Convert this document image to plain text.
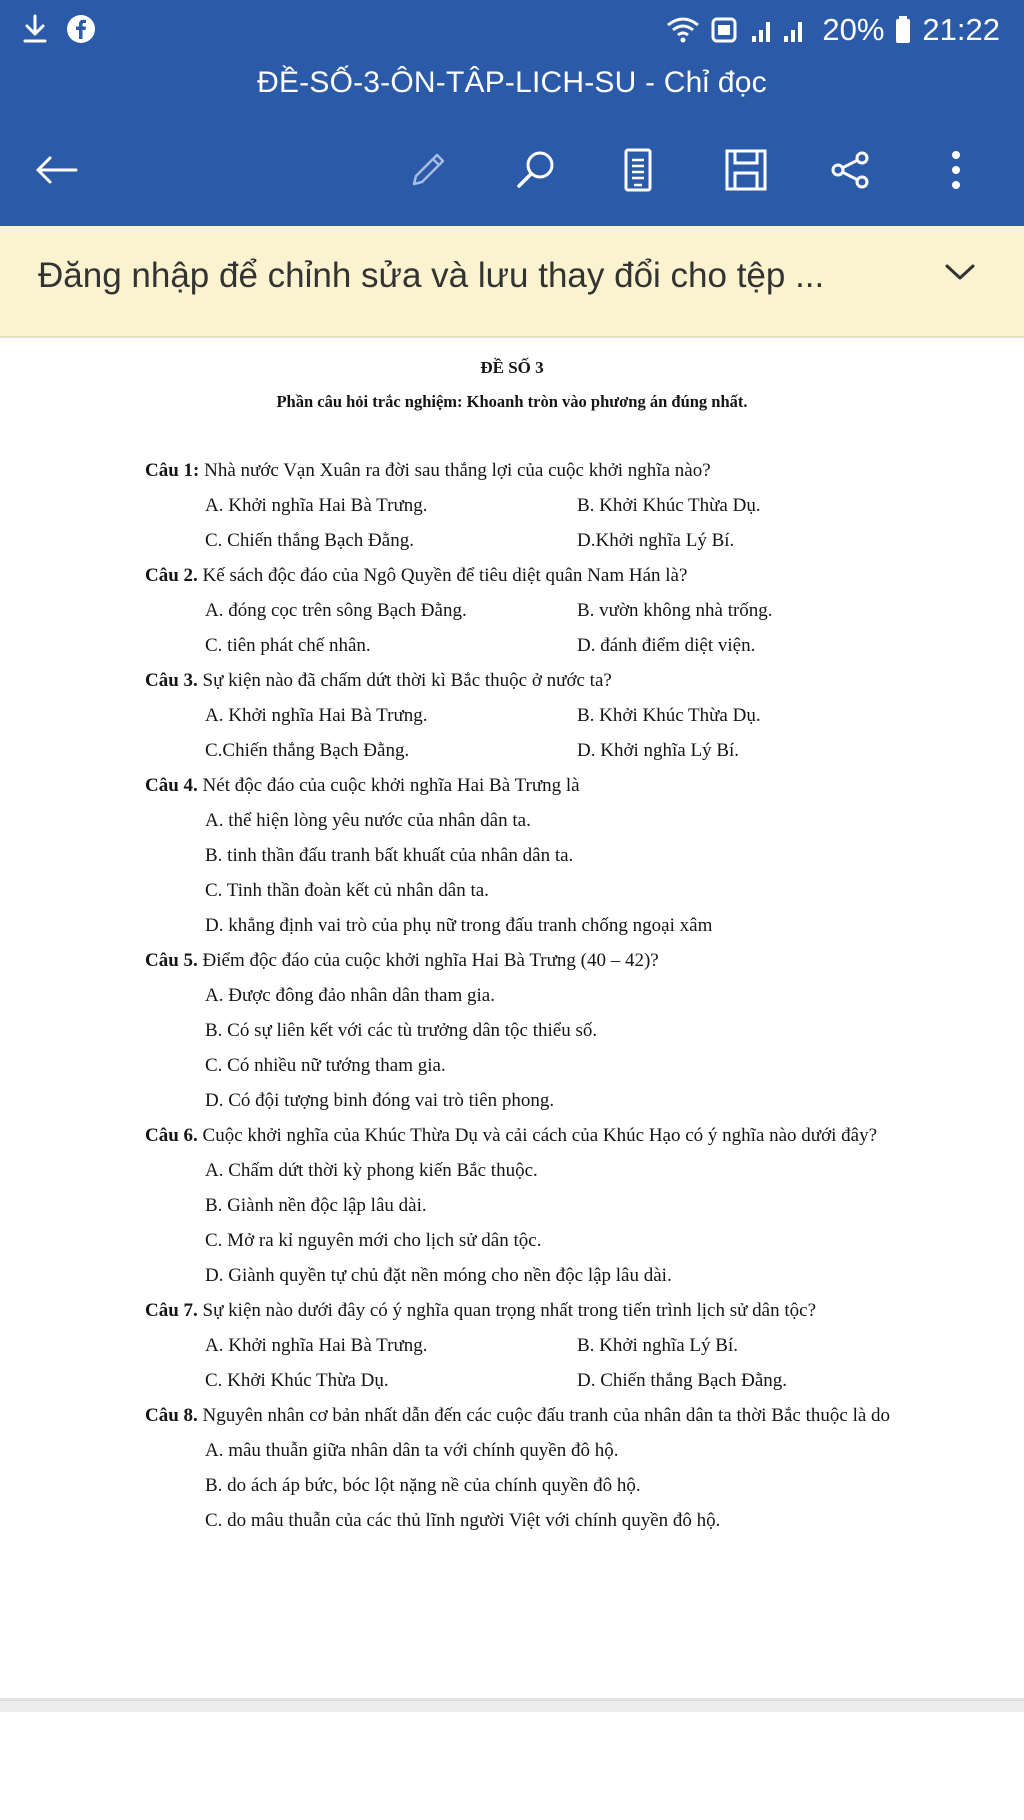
20% 21:22
ĐỀ-SỐ-3-ÔN-TÂP-LICH-SU - Chỉ đọc
Đăng nhập để chỉnh sửa và lưu thay đổi cho tệp ...
ĐỀ SỐ 3
Phần câu hỏi trắc nghiệm: Khoanh tròn vào phương án đúng nhất.
Câu 1: Nhà nước Vạn Xuân ra đời sau thắng lợi của cuộc khởi nghĩa nào?
A. Khởi nghĩa Hai Bà Trưng.	B. Khởi Khúc Thừa Dụ.
C. Chiến thắng Bạch Đằng.	D.Khởi nghĩa Lý Bí.
Câu 2. Kế sách độc đáo của Ngô Quyền để tiêu diệt quân Nam Hán là?
A. đóng cọc trên sông Bạch Đằng.	B. vườn không nhà trống.
C. tiên phát chế nhân.	D. đánh điểm diệt viện.
Câu 3. Sự kiện nào đã chấm dứt thời kì Bắc thuộc ở nước ta?
A. Khởi nghĩa Hai Bà Trưng.	B. Khởi Khúc Thừa Dụ.
C.Chiến thắng Bạch Đằng.	D. Khởi nghĩa Lý Bí.
Câu 4. Nét độc đáo của cuộc khởi nghĩa Hai Bà Trưng là
A. thể hiện lòng yêu nước của nhân dân ta.
B. tinh thần đấu tranh bất khuất của nhân dân ta.
C. Tinh thần đoàn kết củ nhân dân ta.
D. khẳng định vai trò của phụ nữ trong đấu tranh chống ngoại xâm
Câu 5. Điểm độc đáo của cuộc khởi nghĩa Hai Bà Trưng (40 – 42)?
A. Được đông đảo nhân dân tham gia.
B. Có sự liên kết với các tù trưởng dân tộc thiểu số.
C. Có nhiều nữ tướng tham gia.
D. Có đội tượng binh đóng vai trò tiên phong.
Câu 6. Cuộc khởi nghĩa của Khúc Thừa Dụ và cải cách của Khúc Hạo có ý nghĩa nào dưới đây?
A. Chấm dứt thời kỳ phong kiến Bắc thuộc.
B. Giành nền độc lập lâu dài.
C. Mở ra kỉ nguyên mới cho lịch sử dân tộc.
D. Giành quyền tự chủ đặt nền móng cho nền độc lập lâu dài.
Câu 7. Sự kiện nào dưới đây có ý nghĩa quan trọng nhất trong tiến trình lịch sử dân tộc?
A. Khởi nghĩa Hai Bà Trưng.	B. Khởi nghĩa Lý Bí.
C. Khởi Khúc Thừa Dụ.	D. Chiến thắng Bạch Đằng.
Câu 8. Nguyên nhân cơ bản nhất dẫn đến các cuộc đấu tranh của nhân dân ta thời Bắc thuộc là do
A. mâu thuẫn giữa nhân dân ta với chính quyền đô hộ.
B. do ách áp bức, bóc lột nặng nề của chính quyền đô hộ.
C. do mâu thuẫn của các thủ lĩnh người Việt với chính quyền đô hộ.
